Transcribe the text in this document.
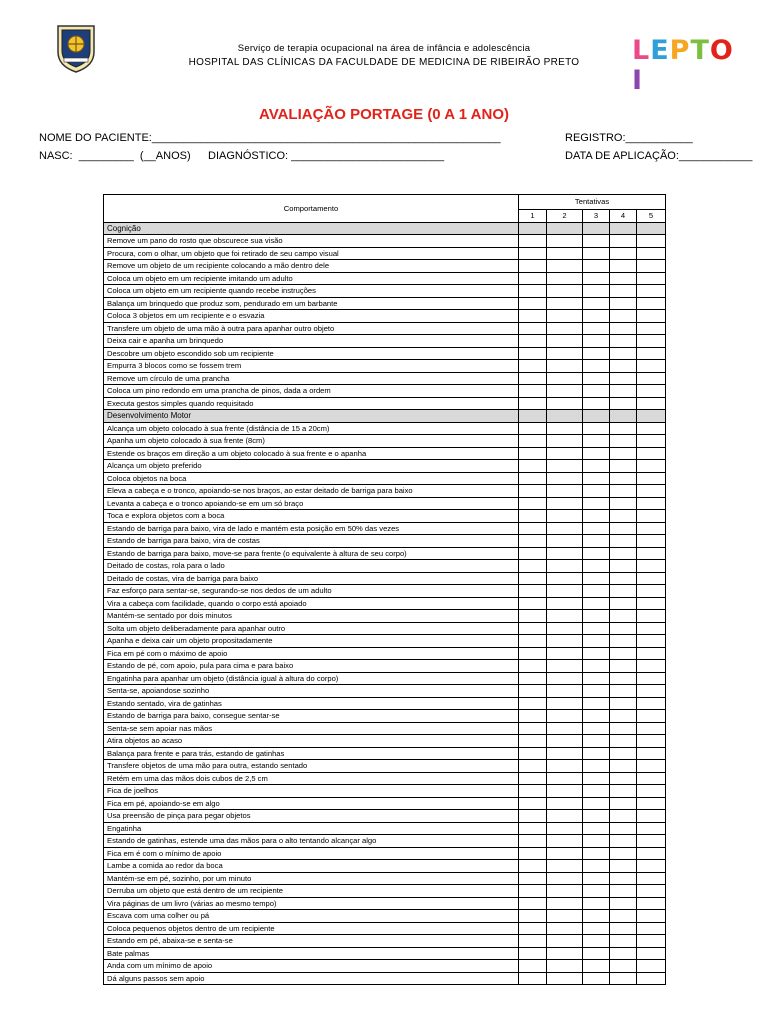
Serviço de terapia ocupacional na área de infância e adolescência
HOSPITAL DAS CLÍNICAS DA FACULDADE DE MEDICINA DE RIBEIRÃO PRETO	LEPTOI
AVALIAÇÃO PORTAGE (0 A 1 ANO)
NOME DO PACIENTE:_________________________________________________________	REGISTRO:___________
NASC:  _________  (__ANOS) DIAGNÓSTICO: _________________________	DATA DE APLICAÇÃO:____________
Comportamento	Tentativas				
	1	2	3	4	5
Cognição					
Remove um pano do rosto que obscurece sua visão					
Procura, com o olhar, um objeto que foi retirado de seu campo visual					
Remove um objeto de um recipiente colocando a mão dentro dele					
Coloca um objeto em um recipiente imitando um adulto					
Coloca um objeto em um recipiente quando recebe instruções					
Balança um brinquedo que produz som, pendurado em um barbante					
Coloca 3 objetos em um recipiente e o esvazia					
Transfere um objeto de uma mão à outra para apanhar outro objeto					
Deixa cair e apanha um brinquedo					
Descobre um objeto escondido sob um recipiente					
Empurra 3 blocos como se fossem trem					
Remove um círculo de uma prancha					
Coloca um pino redondo em uma prancha de pinos, dada a ordem					
Executa gestos simples quando requisitado					
Desenvolvimento Motor					
Alcança um objeto colocado à sua frente (distância de 15 a 20cm)					
Apanha um objeto colocado à sua frente (8cm)					
Estende os braços em direção a um objeto colocado à sua frente e o apanha					
Alcança um objeto preferido					
Coloca objetos na boca					
Eleva a cabeça e o tronco, apoiando-se nos braços, ao estar deitado de barriga para baixo					
Levanta a cabeça e o tronco apoiando-se em um só braço					
Toca e explora objetos com a boca					
Estando de barriga para baixo, vira de lado e mantém esta posição em 50% das vezes					
Estando de barriga para baixo, vira de costas					
Estando de barriga para baixo, move-se para frente (o equivalente à altura de seu corpo)					
Deitado de costas, rola para o lado					
Deitado de costas, vira de barriga para baixo					
Faz esforço para sentar-se, segurando-se nos dedos de um adulto					
Vira a cabeça com facilidade, quando o corpo está apoiado					
Mantém-se sentado por dois minutos					
Solta um objeto deliberadamente para apanhar outro					
Apanha e deixa cair um objeto propositadamente					
Fica em pé com o máximo de apoio					
Estando de pé, com apoio, pula para cima e para baixo					
Engatinha para apanhar um objeto (distância igual à altura do corpo)					
Senta-se, apoiandose sozinho					
Estando sentado, vira de gatinhas					
Estando de barriga para baixo, consegue sentar-se					
Senta-se sem apoiar nas mãos					
Atira objetos ao acaso					
Balança para frente e para trás, estando de gatinhas					
Transfere objetos de uma mão para outra, estando sentado					
Retém em uma das mãos dois cubos de 2,5 cm					
Fica de joelhos					
Fica em pé, apoiando-se em algo					
Usa preensão de pinça para pegar objetos					
Engatinha					
Estando de gatinhas, estende uma das mãos para o alto tentando alcançar algo					
Fica em é com o mínimo de apoio					
Lambe a comida ao redor da boca					
Mantém-se em pé, sozinho, por um minuto					
Derruba um objeto que está dentro de um recipiente					
Vira páginas de um livro (várias ao mesmo tempo)					
Escava com uma colher ou pá					
Coloca pequenos objetos dentro de um recipiente					
Estando em pé, abaixa-se e senta-se					
Bate palmas					
Anda com um mínimo de apoio					
Dá alguns passos sem apoio					
